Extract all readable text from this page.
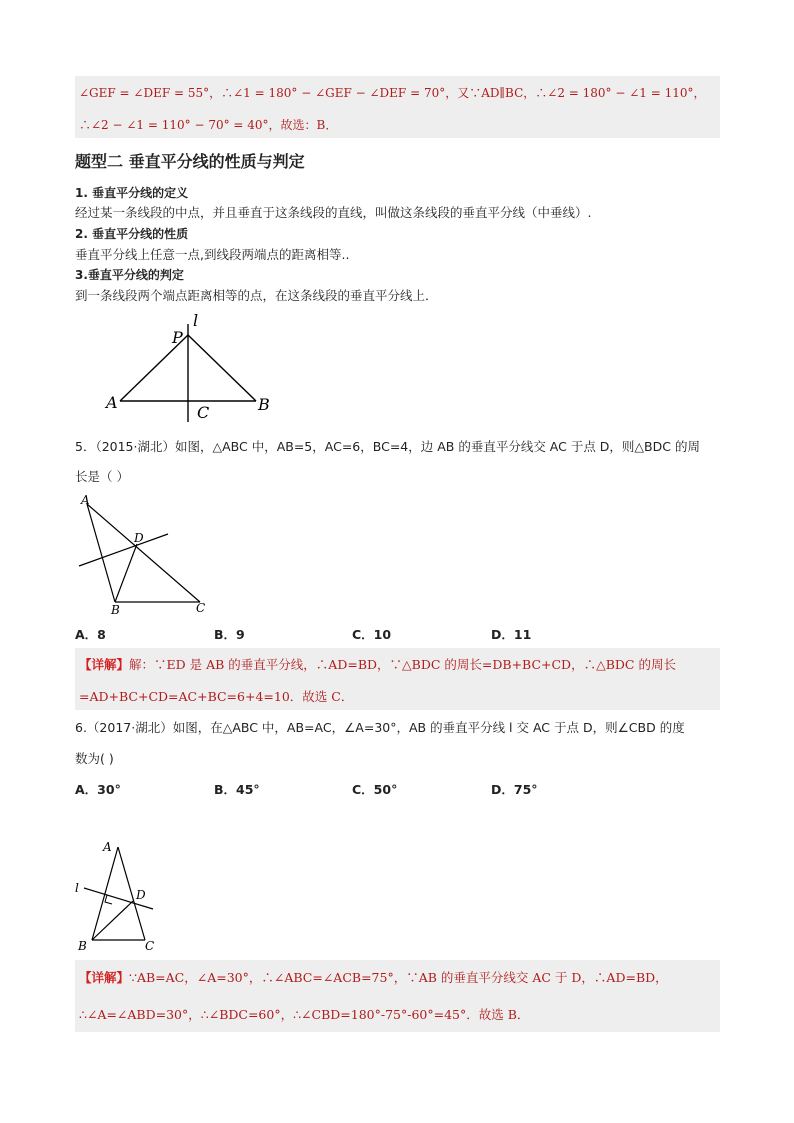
∠GEF = ∠DEF = 55°，∴∠1 = 180° − ∠GEF − ∠DEF = 70°，又∵AD∥BC，∴∠2 = 180° − ∠1 = 110°，
∴∠2 − ∠1 = 110° − 70° = 40°，故选：B．
题型二 垂直平分线的性质与判定
1. 垂直平分线的定义
经过某一条线段的中点，并且垂直于这条线段的直线，叫做这条线段的垂直平分线（中垂线）.
2. 垂直平分线的性质
垂直平分线上任意一点,到线段两端点的距离相等..
3.垂直平分线的判定
到一条线段两个端点距离相等的点，在这条线段的垂直平分线上．
P
l
A
C	B
5．（2015·湖北）如图，△ABC 中，AB=5，AC=6，BC=4，边 AB 的垂直平分线交 AC 于点 D，则△BDC 的周
长是（ ）
A
D
B	C
A．8	B．9	C．10	D．11
【详解】解：∵ED 是 AB 的垂直平分线，∴AD=BD，∵△BDC 的周长=DB+BC+CD，∴△BDC 的周长
=AD+BC+CD=AC+BC=6+4=10．故选 C．
6.（2017·湖北）如图，在△ABC 中，AB=AC，∠A=30°，AB 的垂直平分线 l 交 AC 于点 D，则∠CBD 的度
数为( )
A．30°	B．45°	C．50°	D．75°
A
l	D
B	C
【详解】∵AB=AC，∠A=30°，∴∠ABC=∠ACB=75°，∵AB 的垂直平分线交 AC 于 D，∴AD=BD，
∴∠A=∠ABD=30°，∴∠BDC=60°，∴∠CBD=180°-75°-60°=45°．故选 B．
